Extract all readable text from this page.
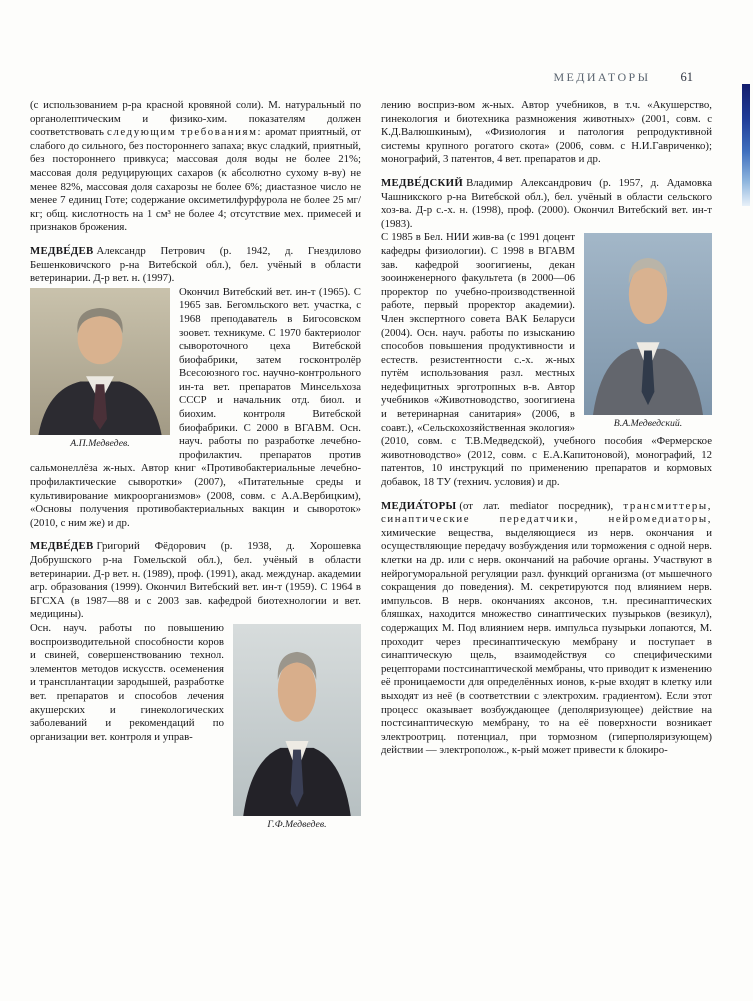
МЕДИАТОРЫ 61

(с использованием р-ра красной кровяной соли). М. натуральный по органолептическим и физико-хим. показателям должен соответствовать следующим требованиям: аромат приятный, от слабого до сильного, без постороннего запаха; вкус сладкий, приятный, без постороннего привкуса; массовая доля воды не более 21%; массовая доля редуцирующих сахаров (к абсолютно сухому в-ву) не менее 82%, массовая доля сахарозы не более 6%; диастазное число не менее 7 единиц Готе; содержание оксиметилфурфурола не более 25 мг/кг; общ. кислотность на 1 см³ не более 4; отсутствие мех. примесей и признаков брожения.

МЕДВЕ́ДЕВ Александр Петрович (р. 1942, д. Гнездилово Бешенковичского р-на Витебской обл.), бел. учёный в области ветеринарии. Д-р вет. н. (1997).

А.П.Медведев.
Окончил Витебский вет. ин-т (1965). С 1965 зав. Бегомльского вет. участка, с 1968 преподаватель в Бигосовском зоовет. техникуме. С 1970 бактериолог сывороточного цеха Витебской биофабрики, затем госконтролёр Всесоюзного гос. научно-контрольного ин-та вет. препаратов Минсельхоза СССР и начальник отд. биол. и биохим. контроля Витебской биофабрики. С 2000 в ВГАВМ. Осн. науч. работы по разработке лечебно-профилактич. препаратов против сальмонеллёза ж-ных. Автор книг «Противобактериальные лечебно-профилактические сыворотки» (2007), «Питательные среды и культивирование микроорганизмов» (2008, совм. с А.А.Вербицким), «Основы получения противобактериальных вакцин и сывороток» (2010, с ним же) и др.

МЕДВЕ́ДЕВ Григорий Фёдорович (р. 1938, д. Хорошевка Добрушского р-на Гомельской обл.), бел. учёный в области ветеринарии. Д-р вет. н. (1989), проф. (1991), акад. междунар. академии агр. образования (1999). Окончил Витебский вет. ин-т (1959). С 1964 в БГСХА (в 1987—88 и с 2003 зав. кафедрой биотехнологии и вет. медицины).

Г.Ф.Медведев.
Осн. науч. работы по повышению воспроизводительной способности коров и свиней, совершенствованию технол. элементов методов искусств. осеменения и трансплантации зародышей, разработке вет. препаратов и способов лечения акушерских и гинекологических заболеваний и рекомендаций по организации вет. контроля и управ-

лению восприз-вом ж-ных. Автор учебников, в т.ч. «Акушерство, гинекология и биотехника размножения животных» (2001, совм. с К.Д.Валюшкиным), «Физиология и патология репродуктивной системы крупного рогатого скота» (2006, совм. с Н.И.Гавриченко); монографий, 3 патентов, 4 вет. препаратов и др.

МЕДВЕ́ДСКИЙ Владимир Александрович (р. 1957, д. Адамовка Чашникского р-на Витебской обл.), бел. учёный в области сельского хоз-ва. Д-р с.-х. н. (1998), проф. (2000). Окончил Витебский вет. ин-т (1983).

В.А.Медведский.
С 1985 в Бел. НИИ жив-ва (с 1991 доцент кафедры физиологии). С 1998 в ВГАВМ зав. кафедрой зоогигиены, декан зооинженерного факультета (в 2000—06 проректор по учебно-производственной работе, первый проректор академии). Член экспертного совета ВАК Беларуси (2004). Осн. науч. работы по изысканию способов повышения продуктивности и естеств. резистентности с.-х. ж-ных путём использования разл. местных недефицитных эрготропных в-в. Автор учебников «Животноводство, зоогигиена и ветеринарная санитария» (2006, в соавт.), «Сельскохозяйственная экология» (2010, совм. с Т.В.Медведской), учебного пособия «Фермерское животноводство» (2012, совм. с Е.А.Капитоновой), монографий, 12 патентов, 10 инструкций по применению препаратов и кормовых добавок, 18 ТУ (технич. условия) и др.

МЕДИА́ТОРЫ (от лат. mediator посредник), трансмиттеры, синаптические передатчики, нейромедиаторы, химические вещества, выделяющиеся из нерв. окончания и осуществляющие передачу возбуждения или торможения с одной нерв. клетки на др. или с нерв. окончаний на рабочие органы. Участвуют в нейрогуморальной регуляции разл. функций организма (от мышечного сокращения до поведения). М. секретируются под влиянием нерв. импульсов. В нерв. окончаниях аксонов, т.н. пресинаптических бляшках, находится множество синаптических пузырьков (везикул), содержащих М. Под влиянием нерв. импульса пузырьки лопаются, М. проходит через пресинаптическую мембрану и поступает в синаптическую щель, взаимодействуя со специфическими рецепторами постсинаптической мембраны, что приводит к изменению её проницаемости для определённых ионов, к-рые входят в клетку или выходят из неё (в соответствии с электрохим. градиентом). Если этот процесс оказывает возбуждающее (деполяризующее) действие на постсинаптическую мембрану, то на её поверхности возникает электроотриц. потенциал, при тормозном (гиперполяризующем) действии — электрополож., к-рый может привести к блокиро-
